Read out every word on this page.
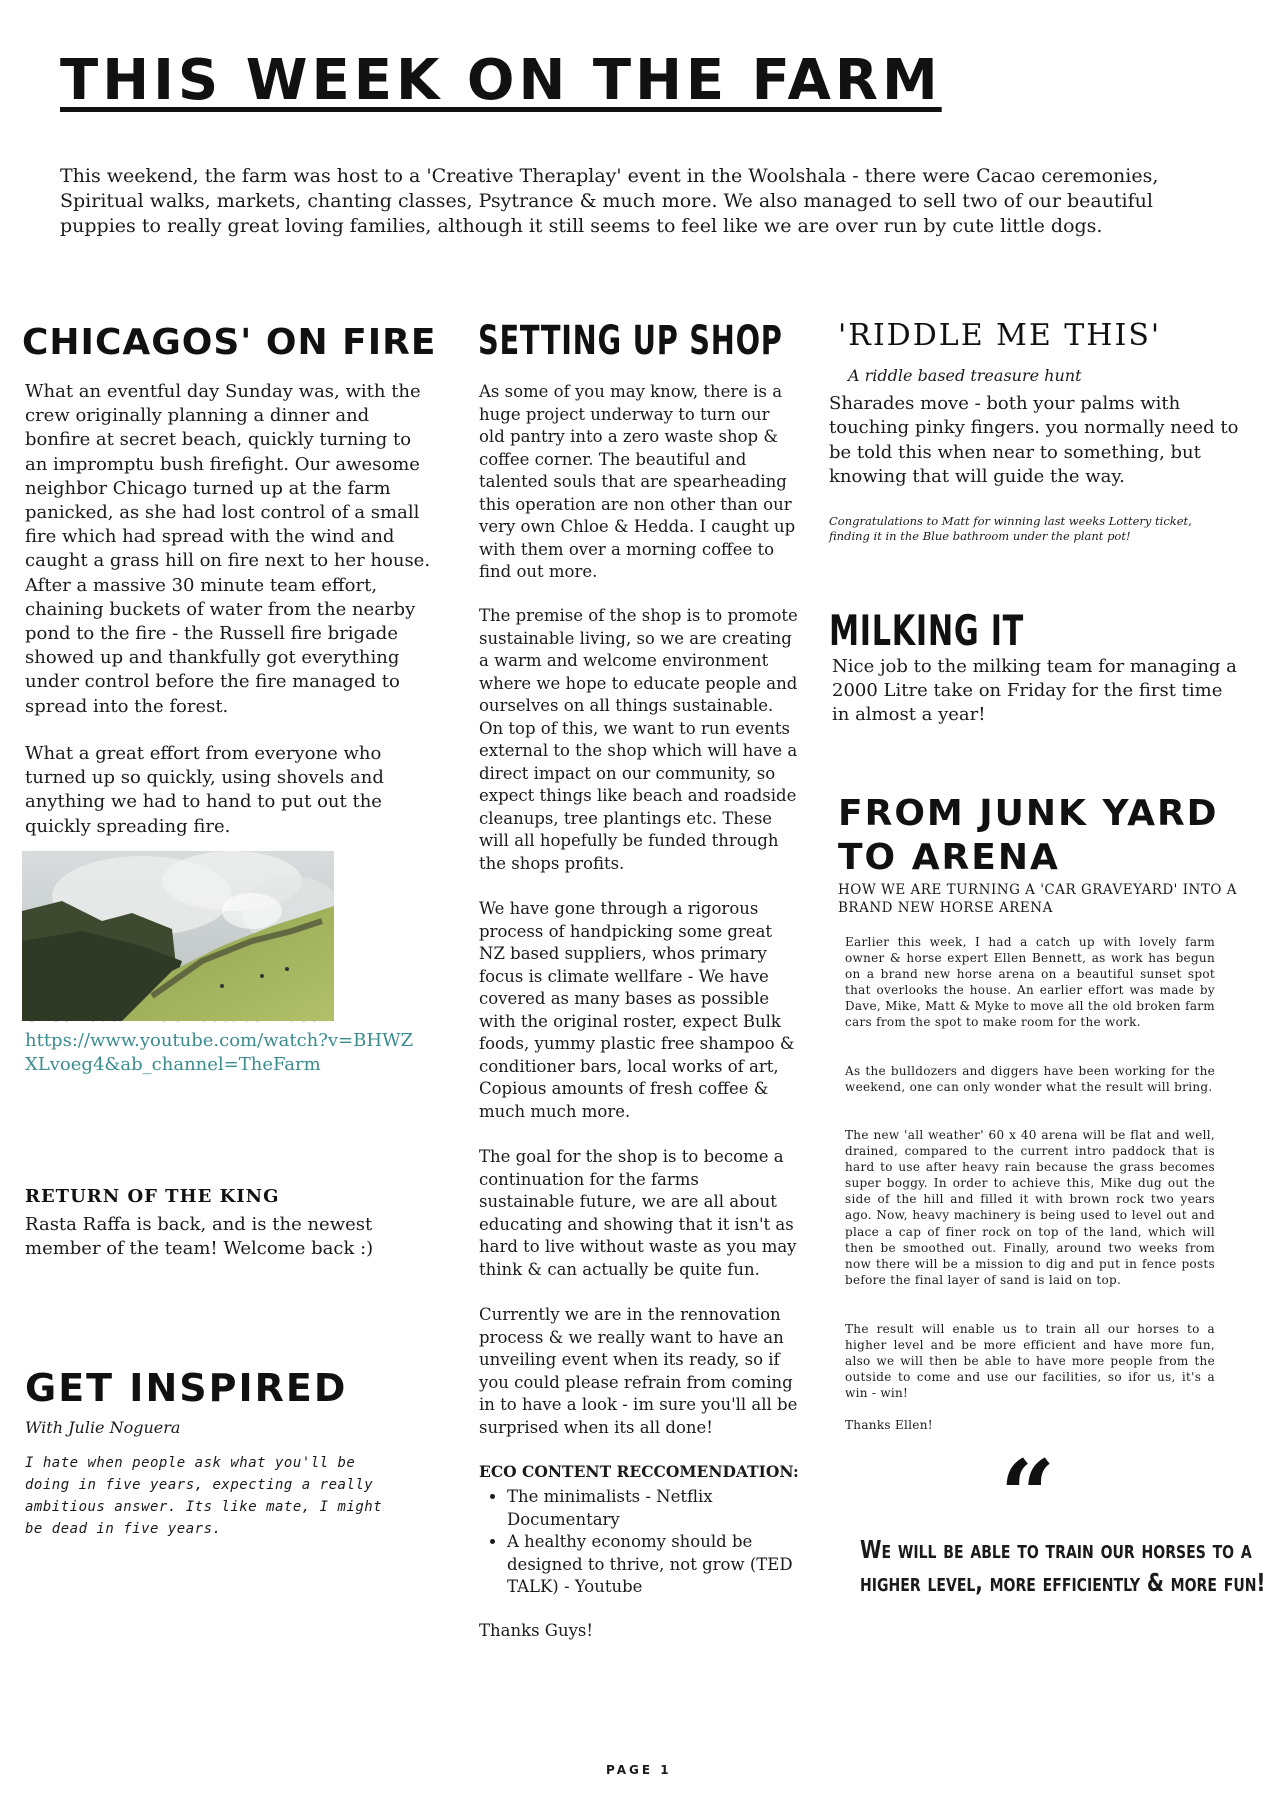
THIS WEEK ON THE FARM

This weekend, the farm was host to a 'Creative Theraplay' event in the Woolshala - there were Cacao ceremonies, Spiritual walks, markets, chanting classes, Psytrance & much more. We also managed to sell two of our beautiful puppies to really great loving families, although it still seems to feel like we are over run by cute little dogs.

CHICAGOS' ON FIRE

What an eventful day Sunday was, with the crew originally planning a dinner and bonfire at secret beach, quickly turning to an impromptu bush firefight. Our awesome neighbor Chicago turned up at the farm panicked, as she had lost control of a small fire which had spread with the wind and caught a grass hill on fire next to her house. After a massive 30 minute team effort, chaining buckets of water from the nearby pond to the fire - the Russell fire brigade showed up and thankfully got everything under control before the fire managed to spread into the forest.

What a great effort from everyone who turned up so quickly, using shovels and anything we had to hand to put out the quickly spreading fire.

https://www.youtube.com/watch?v=BHWZXLvoeg4&ab_channel=TheFarm

RETURN OF THE KING

Rasta Raffa is back, and is the newest member of the team! Welcome back :)

GET INSPIRED

With Julie Noguera

I hate when people ask what you'll be doing in five years, expecting a really ambitious answer. Its like mate, I might be dead in five years.

SETTING UP SHOP

As some of you may know, there is a huge project underway to turn our old pantry into a zero waste shop & coffee corner. The beautiful and talented souls that are spearheading this operation are non other than our very own Chloe & Hedda. I caught up with them over a morning coffee to find out more.

The premise of the shop is to promote sustainable living, so we are creating a warm and welcome environment where we hope to educate people and ourselves on all things sustainable. On top of this, we want to run events external to the shop which will have a direct impact on our community, so expect things like beach and roadside cleanups, tree plantings etc. These will all hopefully be funded through the shops profits.

We have gone through a rigorous process of handpicking some great NZ based suppliers, whos primary focus is climate wellfare - We have covered as many bases as possible with the original roster, expect Bulk foods, yummy plastic free shampoo & conditioner bars, local works of art, Copious amounts of fresh coffee & much much more.

The goal for the shop is to become a continuation for the farms sustainable future, we are all about educating and showing that it isn't as hard to live without waste as you may think & can actually be quite fun.

Currently we are in the rennovation process & we really want to have an unveiling event when its ready, so if you could please refrain from coming in to have a look - im sure you'll all be surprised when its all done!

ECO CONTENT RECCOMENDATION:

• The minimalists - Netflix Documentary
• A healthy economy should be designed to thrive, not grow (TED TALK) - Youtube

Thanks Guys!

'RIDDLE ME THIS'

A riddle based treasure hunt

Sharades move - both your palms with touching pinky fingers. you normally need to be told this when near to something, but knowing that will guide the way.

Congratulations to Matt for winning last weeks Lottery ticket, finding it in the Blue bathroom under the plant pot!

MILKING IT

Nice job to the milking team for managing a 2000 Litre take on Friday for the first time in almost a year!

FROM JUNK YARD
TO ARENA

HOW WE ARE TURNING A 'CAR GRAVEYARD' INTO A BRAND NEW HORSE ARENA

Earlier this week, I had a catch up with lovely farm owner & horse expert Ellen Bennett, as work has begun on a brand new horse arena on a beautiful sunset spot that overlooks the house. An earlier effort was made by Dave, Mike, Matt & Myke to move all the old broken farm cars from the spot to make room for the work.

As the bulldozers and diggers have been working for the weekend, one can only wonder what the result will bring.

The new 'all weather' 60 x 40 arena will be flat and well, drained, compared to the current intro paddock that is hard to use after heavy rain because the grass becomes super boggy. In order to achieve this, Mike dug out the side of the hill and filled it with brown rock two years ago. Now, heavy machinery is being used to level out and place a cap of finer rock on top of the land, which will then be smoothed out. Finally, around two weeks from now there will be a mission to dig and put in fence posts before the final layer of sand is laid on top.

The result will enable us to train all our horses to a higher level and be more efficient and have more fun, also we will then be able to have more people from the outside to come and use our facilities, so ifor us, it's a win - win!

Thanks Ellen!

“

We will be able to train our horses to a higher level, more efficiently & more fun!

PAGE 1
